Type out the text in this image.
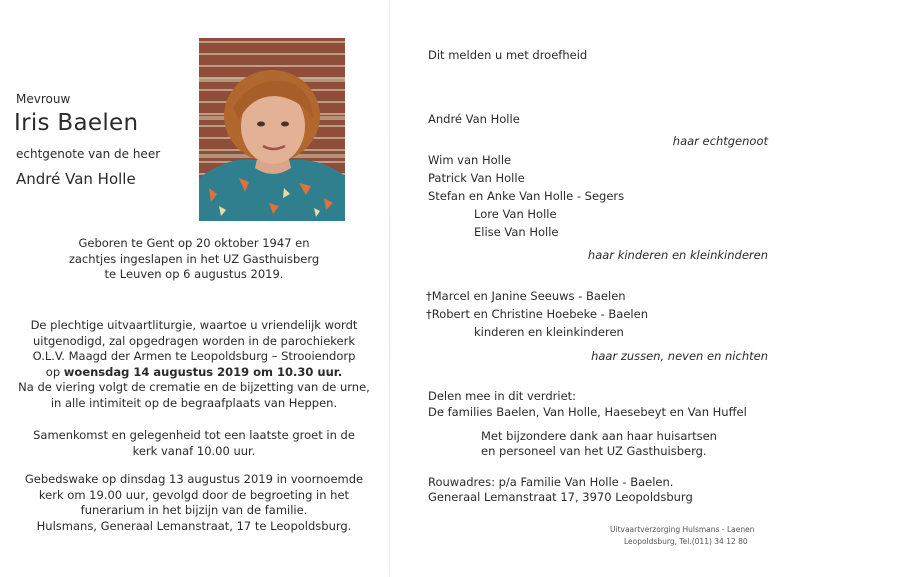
Mevrouw
Iris Baelen
echtgenote van de heer
André Van Holle
Geboren te Gent op 20 oktober 1947 en
zachtjes ingeslapen in het UZ Gasthuisberg
te Leuven op 6 augustus 2019.
De plechtige uitvaartliturgie, waartoe u vriendelijk wordt
uitgenodigd, zal opgedragen worden in de parochiekerk
O.L.V. Maagd der Armen te Leopoldsburg – Strooiendorp
op woensdag 14 augustus 2019 om 10.30 uur.
Na de viering volgt de crematie en de bijzetting van de urne,
in alle intimiteit op de begraafplaats van Heppen.
Samenkomst en gelegenheid tot een laatste groet in de
kerk vanaf 10.00 uur.
Gebedswake op dinsdag 13 augustus 2019 in voornoemde
kerk om 19.00 uur, gevolgd door de begroeting in het
funerarium in het bijzijn van de familie.
Hulsmans, Generaal Lemanstraat, 17 te Leopoldsburg.
Dit melden u met droefheid
André Van Holle
haar echtgenoot
Wim van Holle
Patrick Van Holle
Stefan en Anke Van Holle - Segers
Lore Van Holle
Elise Van Holle
haar kinderen en kleinkinderen
†Marcel en Janine Seeuws - Baelen
†Robert en Christine Hoebeke - Baelen
kinderen en kleinkinderen
haar zussen, neven en nichten
Delen mee in dit verdriet:
De families Baelen, Van Holle, Haesebeyt en Van Huffel
Met bijzondere dank aan haar huisartsen
en personeel van het UZ Gasthuisberg.
Rouwadres: p/a Familie Van Holle - Baelen.
Generaal Lemanstraat 17, 3970 Leopoldsburg
Uitvaartverzorging Hulsmans - Laenen
Leopoldsburg, Tel.(011) 34 12 80
